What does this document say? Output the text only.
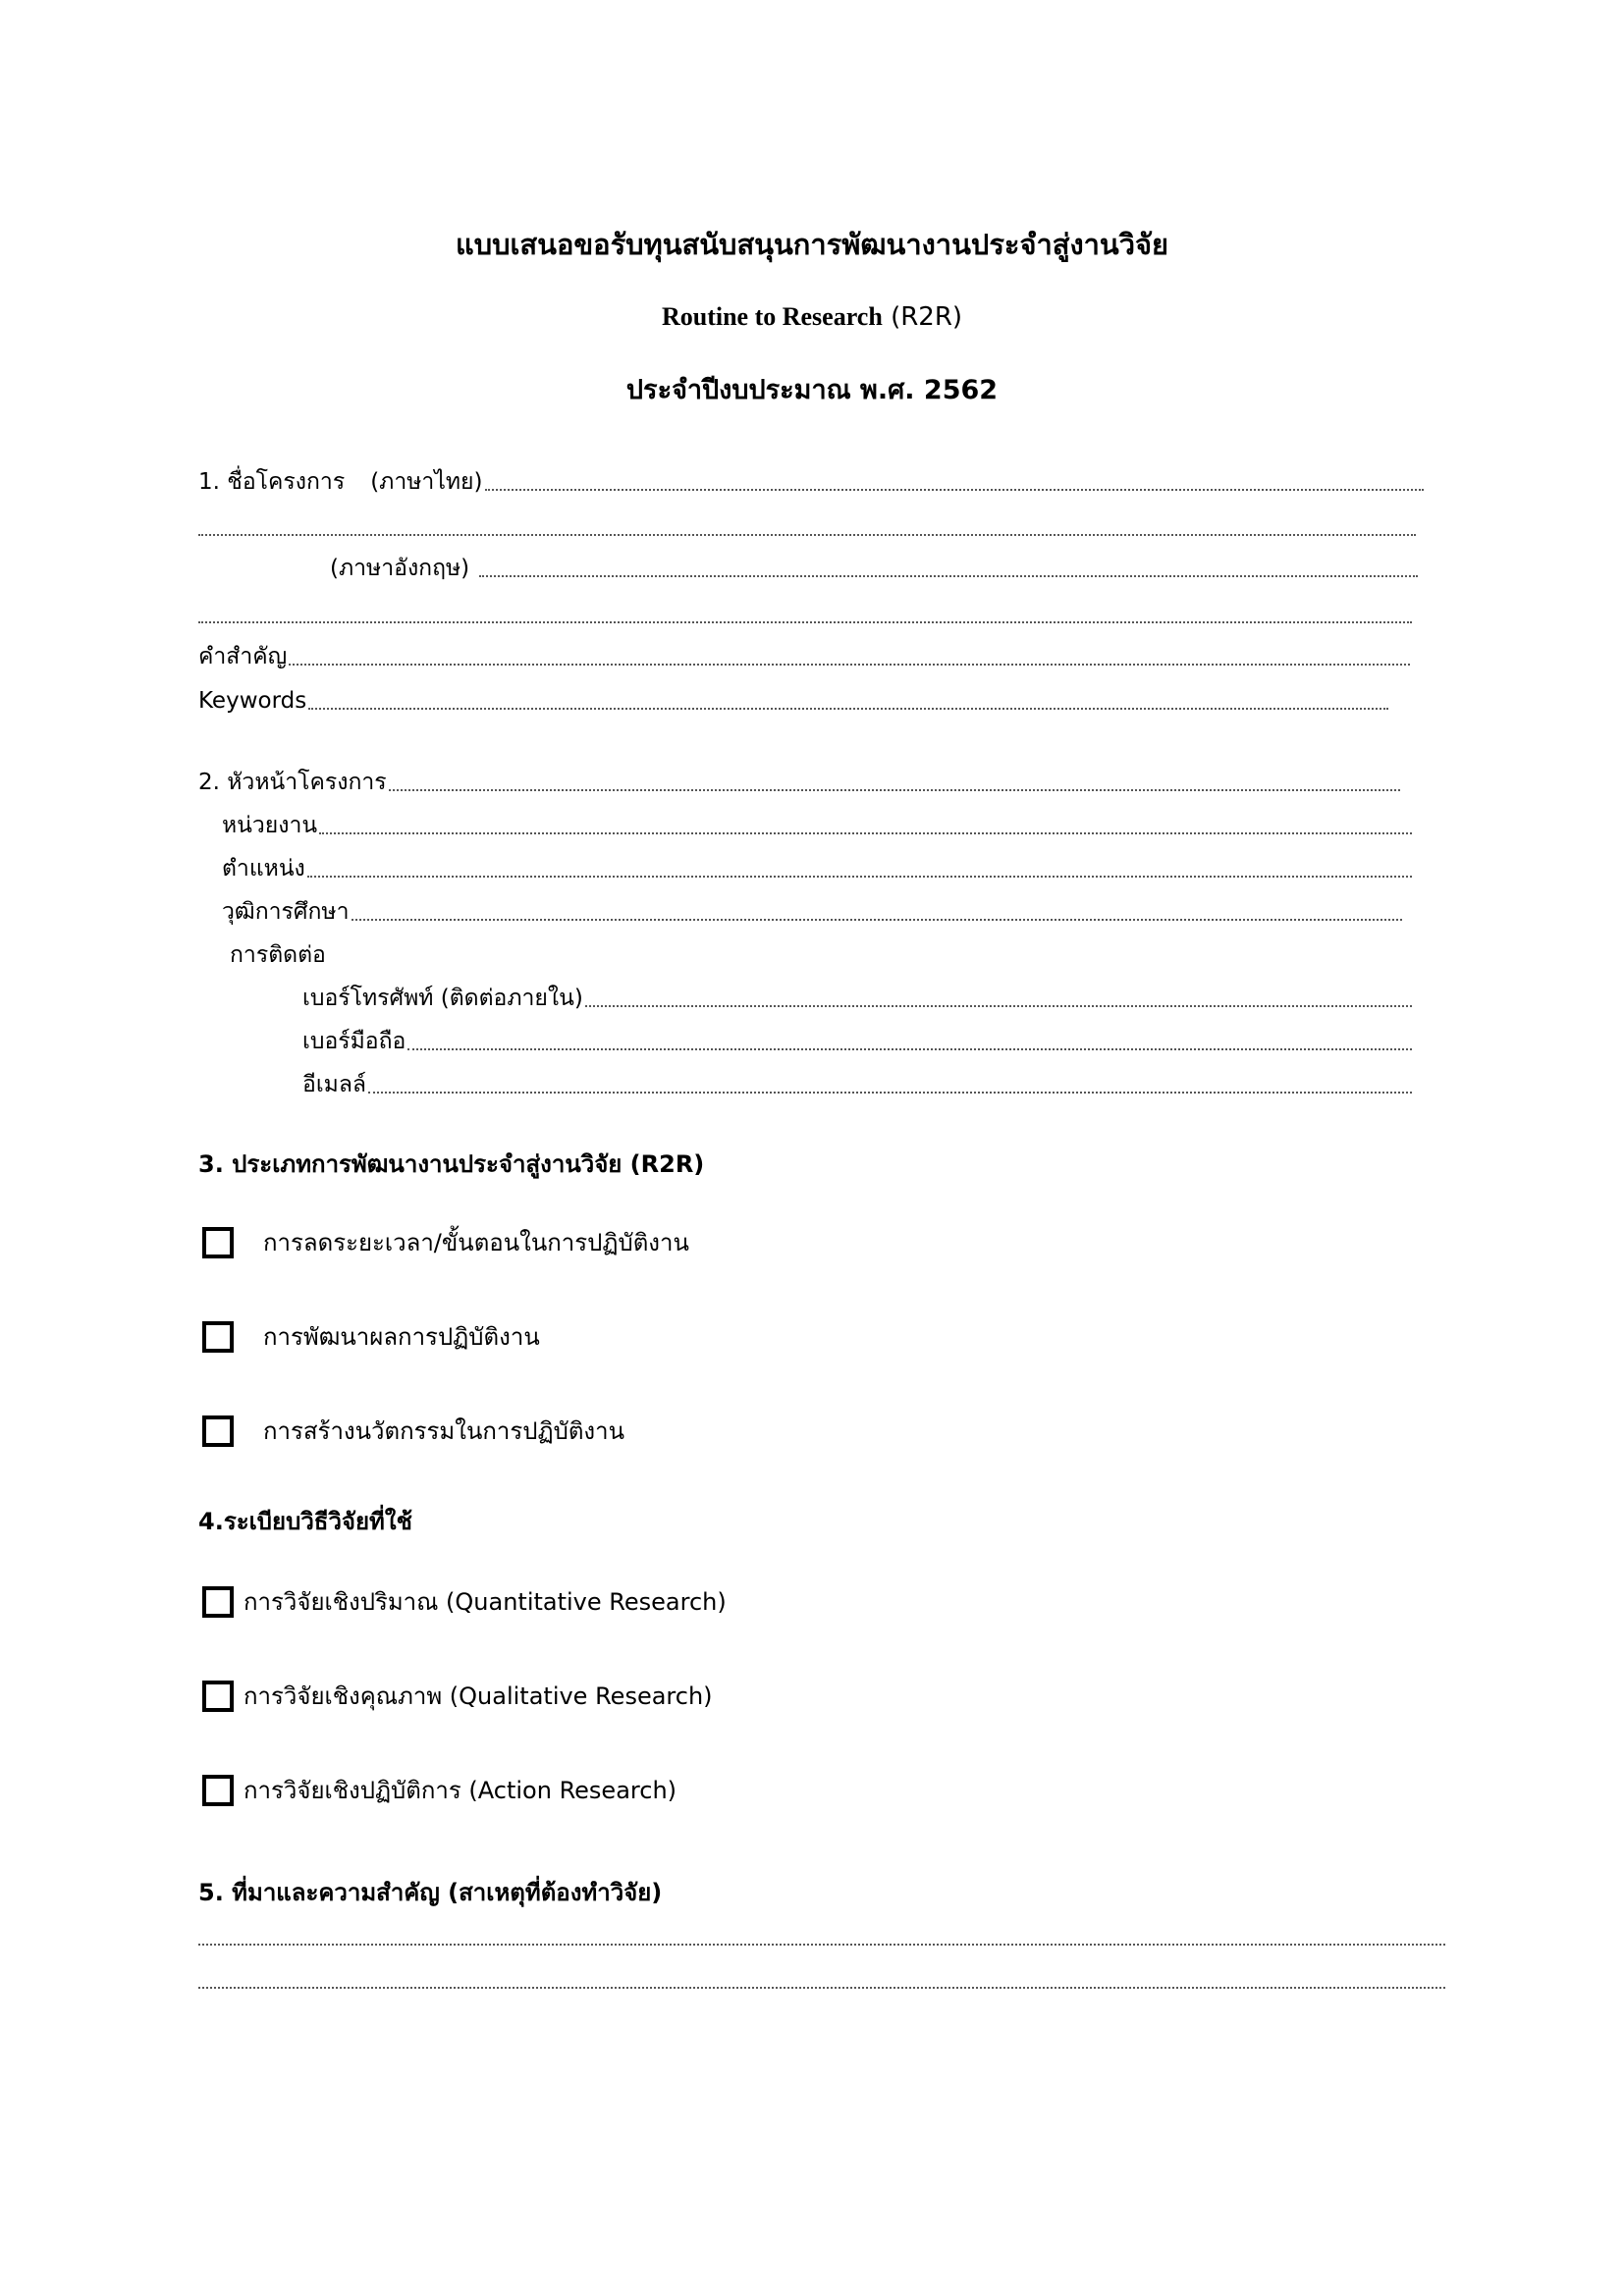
แบบเสนอขอรับทุนสนับสนุนการพัฒนางานประจำสู่งานวิจัย
Routine to Research (R2R)
ประจำปีงบประมาณ พ.ศ. 2562
1. ชื่อโครงการ (ภาษาไทย)
(ภาษาอังกฤษ)
คำสำคัญ
Keywords
2. หัวหน้าโครงการ
หน่วยงาน
ตำแหน่ง
วุฒิการศึกษา
การติดต่อ
เบอร์โทรศัพท์ (ติดต่อภายใน)
เบอร์มือถือ
อีเมลล์
3. ประเภทการพัฒนางานประจำสู่งานวิจัย (R2R)
การลดระยะเวลา/ขั้นตอนในการปฏิบัติงาน
การพัฒนาผลการปฏิบัติงาน
การสร้างนวัตกรรมในการปฏิบัติงาน
4.ระเบียบวิธีวิจัยที่ใช้
การวิจัยเชิงปริมาณ (Quantitative Research)
การวิจัยเชิงคุณภาพ (Qualitative Research)
การวิจัยเชิงปฏิบัติการ (Action Research)
5. ที่มาและความสำคัญ (สาเหตุที่ต้องทำวิจัย)
